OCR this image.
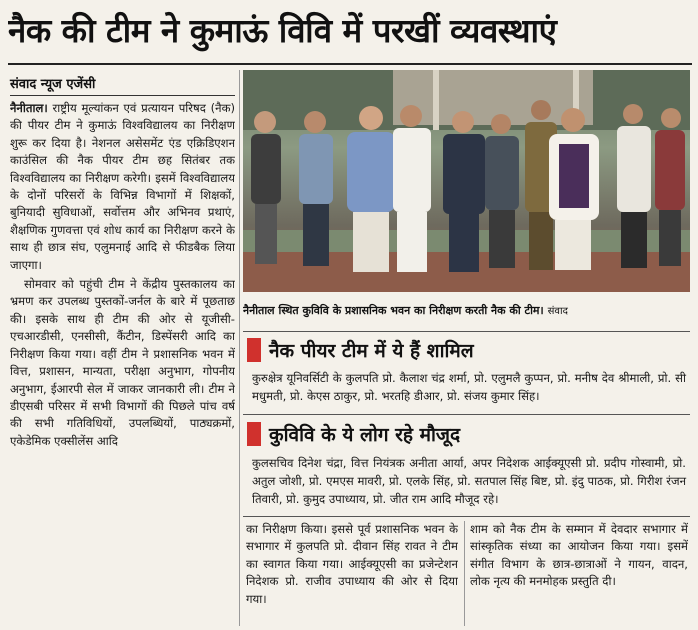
नैक की टीम ने कुमाऊं विवि में परखीं व्यवस्थाएं
संवाद न्यूज एजेंसी

नैनीताल। राष्ट्रीय मूल्यांकन एवं प्रत्यायन परिषद (नैक) की पीयर टीम ने कुमाऊं विश्वविद्यालय का निरीक्षण शुरू कर दिया है। नेशनल असेसमेंट एंड एक्रिडिएशन काउंसिल की नैक पीयर टीम छह सितंबर तक विश्वविद्यालय का निरीक्षण करेगी। इसमें विश्वविद्यालय के दोनों परिसरों के विभिन्न विभागों में शिक्षकों, बुनियादी सुविधाओं, सर्वोत्तम और अभिनव प्रथाएं, शैक्षणिक गुणवत्ता एवं शोध कार्य का निरीक्षण करने के साथ ही छात्र संघ, एलुमनाई आदि से फीडबैक लिया जाएगा।

सोमवार को पहुंची टीम ने केंद्रीय पुस्तकालय का भ्रमण कर उपलब्ध पुस्तकों-जर्नल के बारे में पूछताछ की। इसके साथ ही टीम की ओर से यूजीसी-एचआरडीसी, एनसीसी, कैंटीन, डिस्पेंसरी आदि का निरीक्षण किया गया। वहीं टीम ने प्रशासनिक भवन में वित्त, प्रशासन, मान्यता, परीक्षा अनुभाग, गोपनीय अनुभाग, ईआरपी सेल में जाकर जानकारी ली। टीम ने डीएसबी परिसर में सभी विभागों की पिछले पांच वर्ष की सभी गतिविधियों, उपलब्धियों, पाठ्यक्रमों, एकेडेमिक एक्सीलेंस आदि

नैनीताल स्थित कुविवि के प्रशासनिक भवन का निरीक्षण करती नैक की टीम। संवाद
नैक पीयर टीम में ये हैं शामिल
कुरुक्षेत्र यूनिवर्सिटी के कुलपति प्रो. कैलाश चंद्र शर्मा, प्रो. एलुमलै कुप्पन, प्रो. मनीष देव श्रीमाली, प्रो. सी मधुमती, प्रो. केएस ठाकुर, प्रो. भरतहि डीआर, प्रो. संजय कुमार सिंह।
कुविवि के ये लोग रहे मौजूद
कुलसचिव दिनेश चंद्रा, वित्त नियंत्रक अनीता आर्या, अपर निदेशक आईक्यूएसी प्रो. प्रदीप गोस्वामी, प्रो. अतुल जोशी, प्रो. एमएस मावरी, प्रो. एलके सिंह, प्रो. सतपाल सिंह बिष्ट, प्रो. इंदु पाठक, प्रो. गिरीश रंजन तिवारी, प्रो. कुमुद उपाध्याय, प्रो. जीत राम आदि मौजूद रहे।

का निरीक्षण किया। इससे पूर्व प्रशासनिक भवन के सभागार में कुलपति प्रो. दीवान सिंह रावत ने टीम का स्वागत किया गया। आईक्यूएसी का प्रजेन्टेशन निदेशक प्रो. राजीव उपाध्याय की ओर से दिया गया।

शाम को नैक टीम के सम्मान में देवदार सभागार में सांस्कृतिक संध्या का आयोजन किया गया। इसमें संगीत विभाग के छात्र-छात्राओं ने गायन, वादन, लोक नृत्य की मनमोहक प्रस्तुति दी।
